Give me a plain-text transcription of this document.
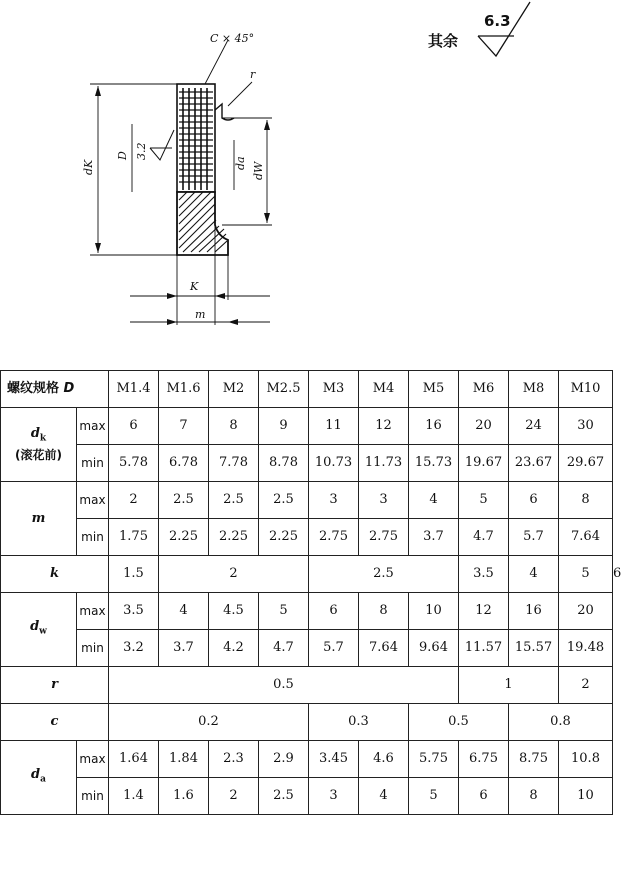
3.2
C × 45°
r
dK
D
da dW
K
m
其余
6.3
螺纹规格 D		M1.4	M1.6	M2	M2.5	M3	M4	M5	M6	M8	M10	
$d_k$
(滚花前)	max	6	7	8	9	11	12	16	20	24	30	
	min	5.78	6.78	7.78	8.78	10.73	11.73	15.73	19.67	23.67	29.67	
m	max	2	2.5	2.5	2.5	3	3	4	5	6	8	
	min	1.75	2.25	2.25	2.25	2.75	2.75	3.7	4.7	5.7	7.64	
k		1.5	2			2.5			3.5	4	5	6
$d_w$	max	3.5	4	4.5	5	6	8	10	12	16	20	
	min	3.2	3.7	4.2	4.7	5.7	7.64	9.64	11.57	15.57	19.48	
r		0.5							1		2	
c		0.2				0.3		0.5		0.8		
$d_a$	max	1.64	1.84	2.3	2.9	3.45	4.6	5.75	6.75	8.75	10.8	
	min	1.4	1.6	2	2.5	3	4	5	6	8	10	
